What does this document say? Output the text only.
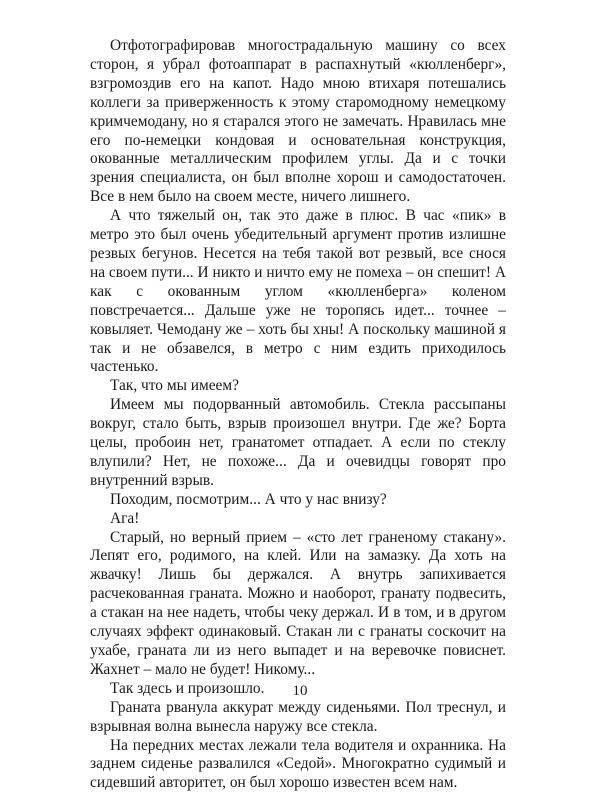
Отфотографировав многострадальную машину со всех сторон, я убрал фотоаппарат в распахнутый «кюлленберг», взгромоздив его на капот. Надо мною втихаря потешались коллеги за приверженность к этому старомодному немецкому кримчемодану, но я старался этого не замечать. Нравилась мне его по-немецки кондовая и основательная конструкция, окованные металлическим профилем углы. Да и с точки зрения специалиста, он был вполне хорош и самодостаточен. Все в нем было на своем месте, ничего лишнего.

А что тяжелый он, так это даже в плюс. В час «пик» в метро это был очень убедительный аргумент против излишне резвых бегунов. Несется на тебя такой вот резвый, все снося на своем пути... И никто и ничто ему не помеха – он спешит! А как с окованным углом «кюлленберга» коленом повстречается... Дальше уже не торопясь идет... точнее – ковыляет. Чемодану же – хоть бы хны! А поскольку машиной я так и не обзавелся, в метро с ним ездить приходилось частенько.

Так, что мы имеем?

Имеем мы подорванный автомобиль. Стекла рассыпаны вокруг, стало быть, взрыв произошел внутри. Где же? Борта целы, пробоин нет, гранатомет отпадает. А если по стеклу влупили? Нет, не похоже... Да и очевидцы говорят про внутренний взрыв.

Походим, посмотрим... А что у нас внизу?

Ага!

Старый, но верный прием – «сто лет граненому стакану». Лепят его, родимого, на клей. Или на замазку. Да хоть на жвачку! Лишь бы держался. А внутрь запихивается расчекованная граната. Можно и наоборот, гранату подвесить, а стакан на нее надеть, чтобы чеку держал. И в том, и в другом случаях эффект одинаковый. Стакан ли с гранаты соскочит на ухабе, граната ли из него выпадет и на веревочке повиснет. Жахнет – мало не будет! Никому...

Так здесь и произошло.

Граната рванула аккурат между сиденьями. Пол треснул, и взрывная волна вынесла наружу все стекла.

На передних местах лежали тела водителя и охранника. На заднем сиденье развалился «Седой». Многократно судимый и сидевший авторитет, он был хорошо известен всем нам.

10
